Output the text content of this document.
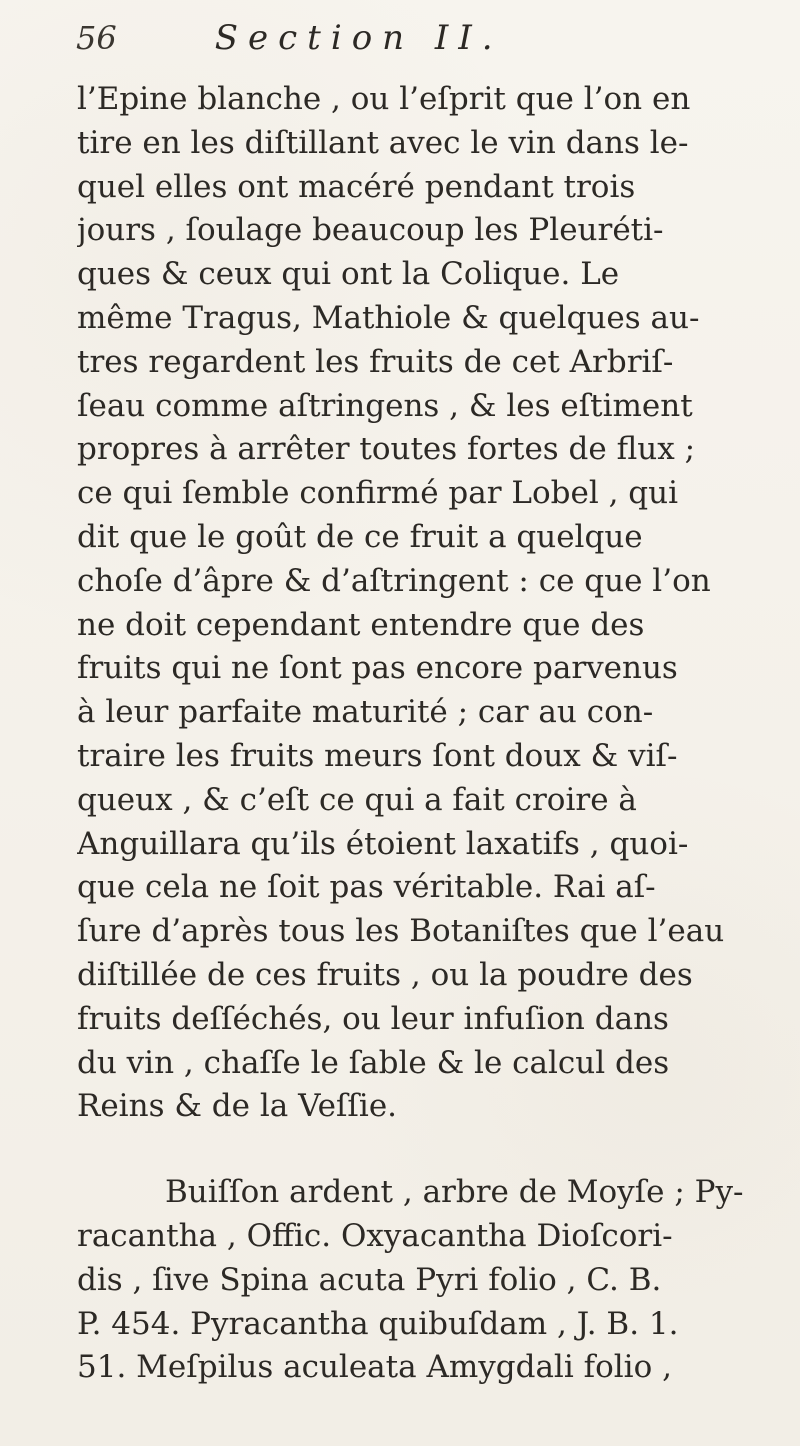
56	Section II.
l’Epine blanche , ou l’eſprit que l’on en
tire en les diſtillant avec le vin dans le-
quel elles ont macéré pendant trois
jours , ſoulage beaucoup les Pleuréti-
ques & ceux qui ont la Colique. Le
même Tragus, Mathiole & quelques au-
tres regardent les fruits de cet Arbriſ-
ſeau comme aſtringens , & les eſtiment
propres à arrêter toutes fortes de flux ;
ce qui ſemble confirmé par Lobel , qui
dit que le goût de ce fruit a quelque
choſe d’âpre & d’aſtringent : ce que l’on
ne doit cependant entendre que des
fruits qui ne ſont pas encore parvenus
à leur parfaite maturité ; car au con-
traire les fruits meurs ſont doux & viſ-
queux , & c’eſt ce qui a fait croire à
Anguillara qu’ils étoient laxatifs , quoi-
que cela ne ſoit pas véritable. Rai aſ-
ſure d’après tous les Botaniſtes que l’eau
diſtillée de ces fruits , ou la poudre des
fruits deſſéchés, ou leur infuſion dans
du vin , chaſſe le ſable & le calcul des
Reins & de la Veſſie.
Buiſſon ardent , arbre de Moyſe ; Py-
racantha , Offic. Oxyacantha Dioſcori-
dis , ſive Spina acuta Pyri folio , C. B.
P. 454. Pyracantha quibuſdam , J. B. 1.
51. Meſpilus aculeata Amygdali folio ,
